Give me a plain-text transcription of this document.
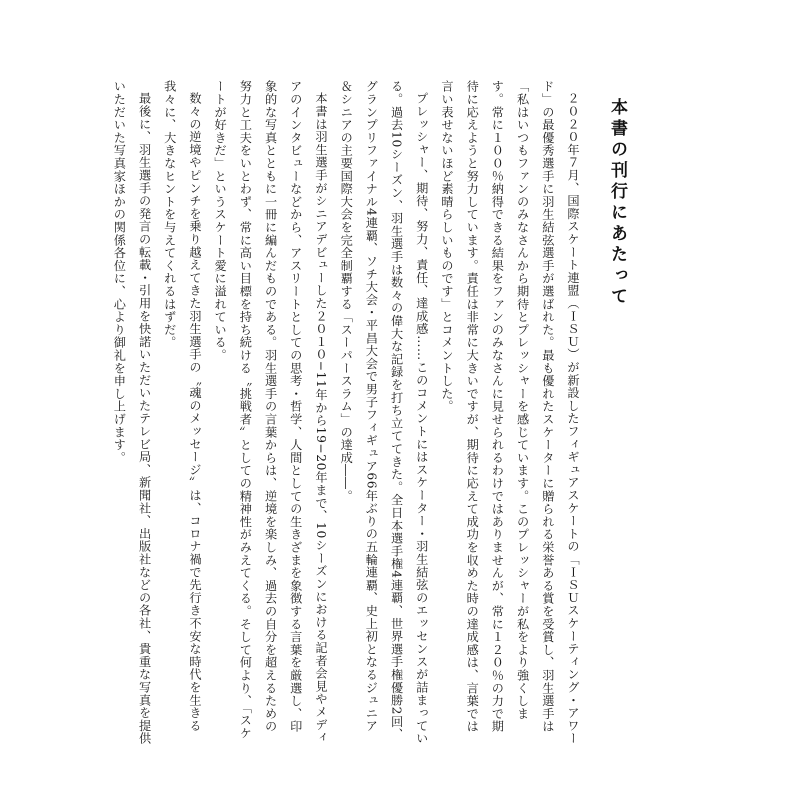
本書の刊行にあたって

２０２０年７月、国際スケート連盟（ＩＳＵ）が新設したフィギュアスケートの「ＩＳＵスケーティング・アワード」の最優秀選手に羽生結弦選手が選ばれた。最も優れたスケーターに贈られる栄誉ある賞を受賞し、羽生選手は「私はいつもファンのみなさんから期待とプレッシャーを感じています。このプレッシャーが私をより強くします。常に１００％納得できる結果をファンのみなさんに見せられるわけではありませんが、常に１２０％の力で期待に応えようと努力しています。責任は非常に大きいですが、期待に応えて成功を収めた時の達成感は、言葉では言い表せないほど素晴らしいものです」とコメントした。

プレッシャー、期待、努力、責任、達成感……このコメントにはスケーター・羽生結弦のエッセンスが詰まっている。過去10シーズン、羽生選手は数々の偉大な記録を打ち立ててきた。全日本選手権4連覇、世界選手権優勝2回、グランプリファイナル4連覇、ソチ大会・平昌大会で男子フィギュア66年ぶりの五輪連覇、史上初となるジュニア＆シニアの主要国際大会を完全制覇する「スーパースラム」の達成――。

本書は羽生選手がシニアデビューした２０１０−11年から19−20年まで、10シーズンにおける記者会見やメディアのインタビューなどから、アスリートとしての思考・哲学、人間としての生きざまを象徴する言葉を厳選し、印象的な写真とともに一冊に編んだものである。羽生選手の言葉からは、逆境を楽しみ、過去の自分を超えるための努力と工夫をいとわず、常に高い目標を持ち続ける〝挑戦者〟としての精神性がみえてくる。そして何より、「スケートが好きだ」というスケート愛に溢れている。

数々の逆境やピンチを乗り越えてきた羽生選手の〝魂のメッセージ〟は、コロナ禍で先行き不安な時代を生きる我々に、大きなヒントを与えてくれるはずだ。

最後に、羽生選手の発言の転載・引用を快諾いただいたテレビ局、新聞社、出版社などの各社、貴重な写真を提供いただいた写真家ほかの関係各位に、心より御礼を申し上げます。
